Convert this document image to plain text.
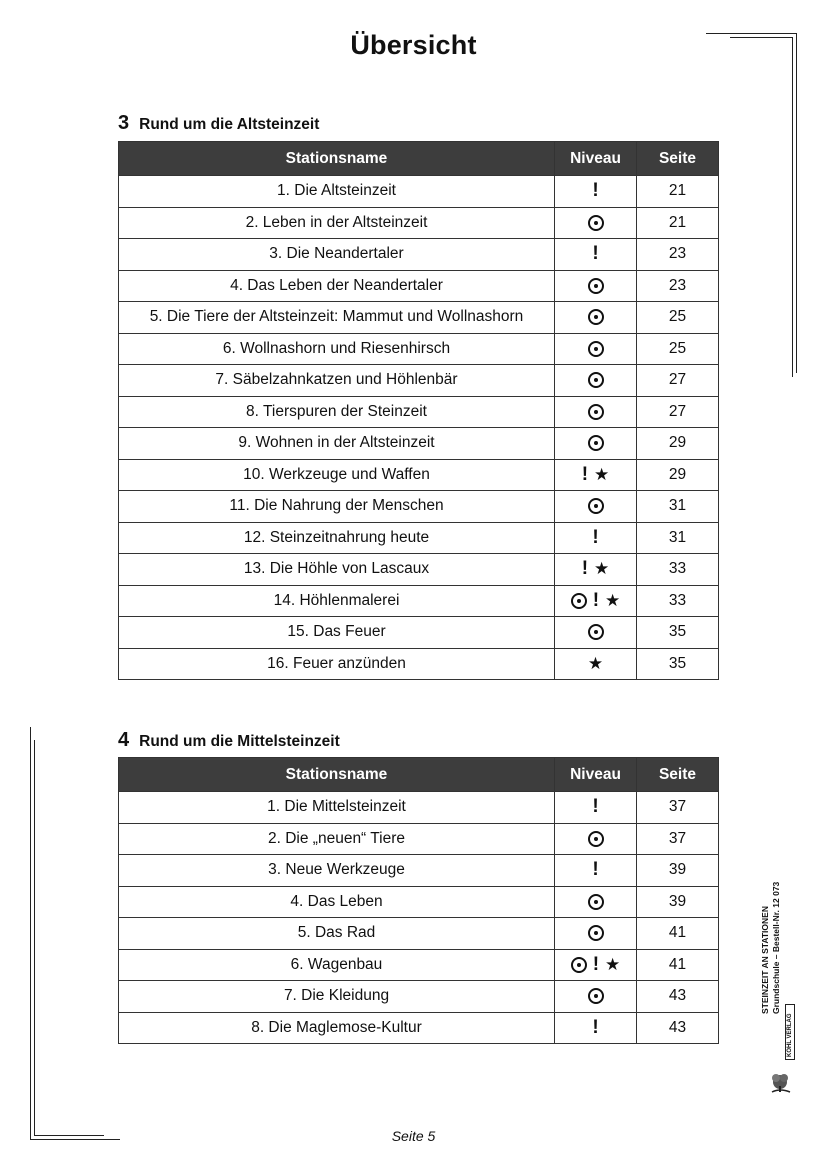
Übersicht
3 Rund um die Altsteinzeit
Stationsname	Niveau	Seite
1. Die Altsteinzeit	!	21
2. Leben in der Altsteinzeit		21
3. Die Neandertaler	!	23
4. Das Leben der Neandertaler		23
5. Die Tiere der Altsteinzeit: Mammut und Wollnashorn		25
6. Wollnashorn und Riesenhirsch		25
7. Säbelzahnkatzen und Höhlenbär		27
8. Tierspuren der Steinzeit		27
9. Wohnen in der Altsteinzeit		29
10. Werkzeuge und Waffen	! ★	29
11. Die Nahrung der Menschen		31
12. Steinzeitnahrung heute	!	31
13. Die Höhle von Lascaux	! ★	33
14. Höhlenmalerei	! ★	33
15. Das Feuer		35
16. Feuer anzünden	★	35
4 Rund um die Mittelsteinzeit
Stationsname	Niveau	Seite
1. Die Mittelsteinzeit	!	37
2. Die „neuen“ Tiere		37
3. Neue Werkzeuge	!	39
4. Das Leben		39
5. Das Rad		41
6. Wagenbau	! ★	41
7. Die Kleidung		43
8. Die Maglemose-Kultur	!	43
STEINZEIT AN STATIONEN Grundschule – Bestell-Nr. 12 073
KOHL VERLAG
Seite 5
